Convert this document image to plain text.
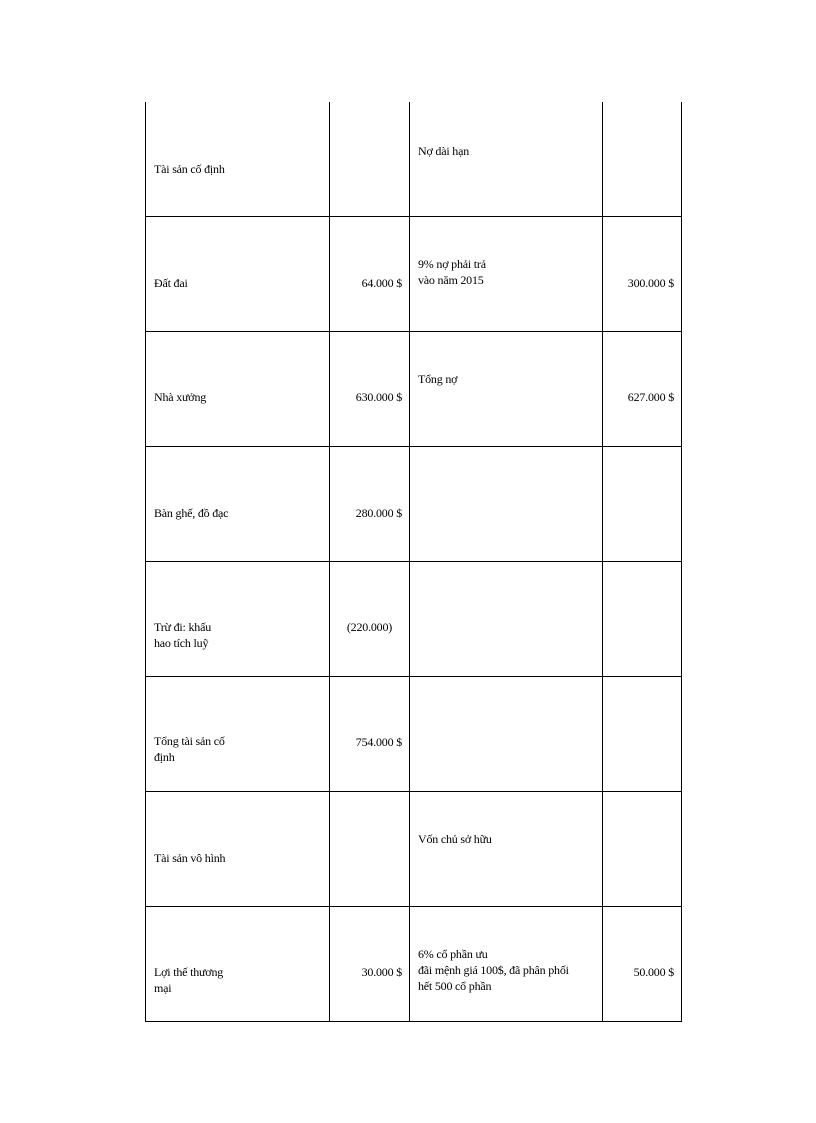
Tài sản cố định		Nợ dài hạn	

Đất đai	64.000 $	9% nợ phải trả
vào năm 2015	300.000 $

Nhà xưởng	630.000 $	Tổng nợ	627.000 $

Bàn ghế, đồ đạc	280.000 $		

Trừ đi: khấu
hao tích luỹ	(220.000)		

Tổng tài sản cố
định	754.000 $		

Tài sản vô hình		Vốn chủ sở hữu	

Lợi thế thương
mại	30.000 $	6% cổ phần ưu
đãi mệnh giá 100$, đã phân phối
hết 500 cổ phần	50.000 $
